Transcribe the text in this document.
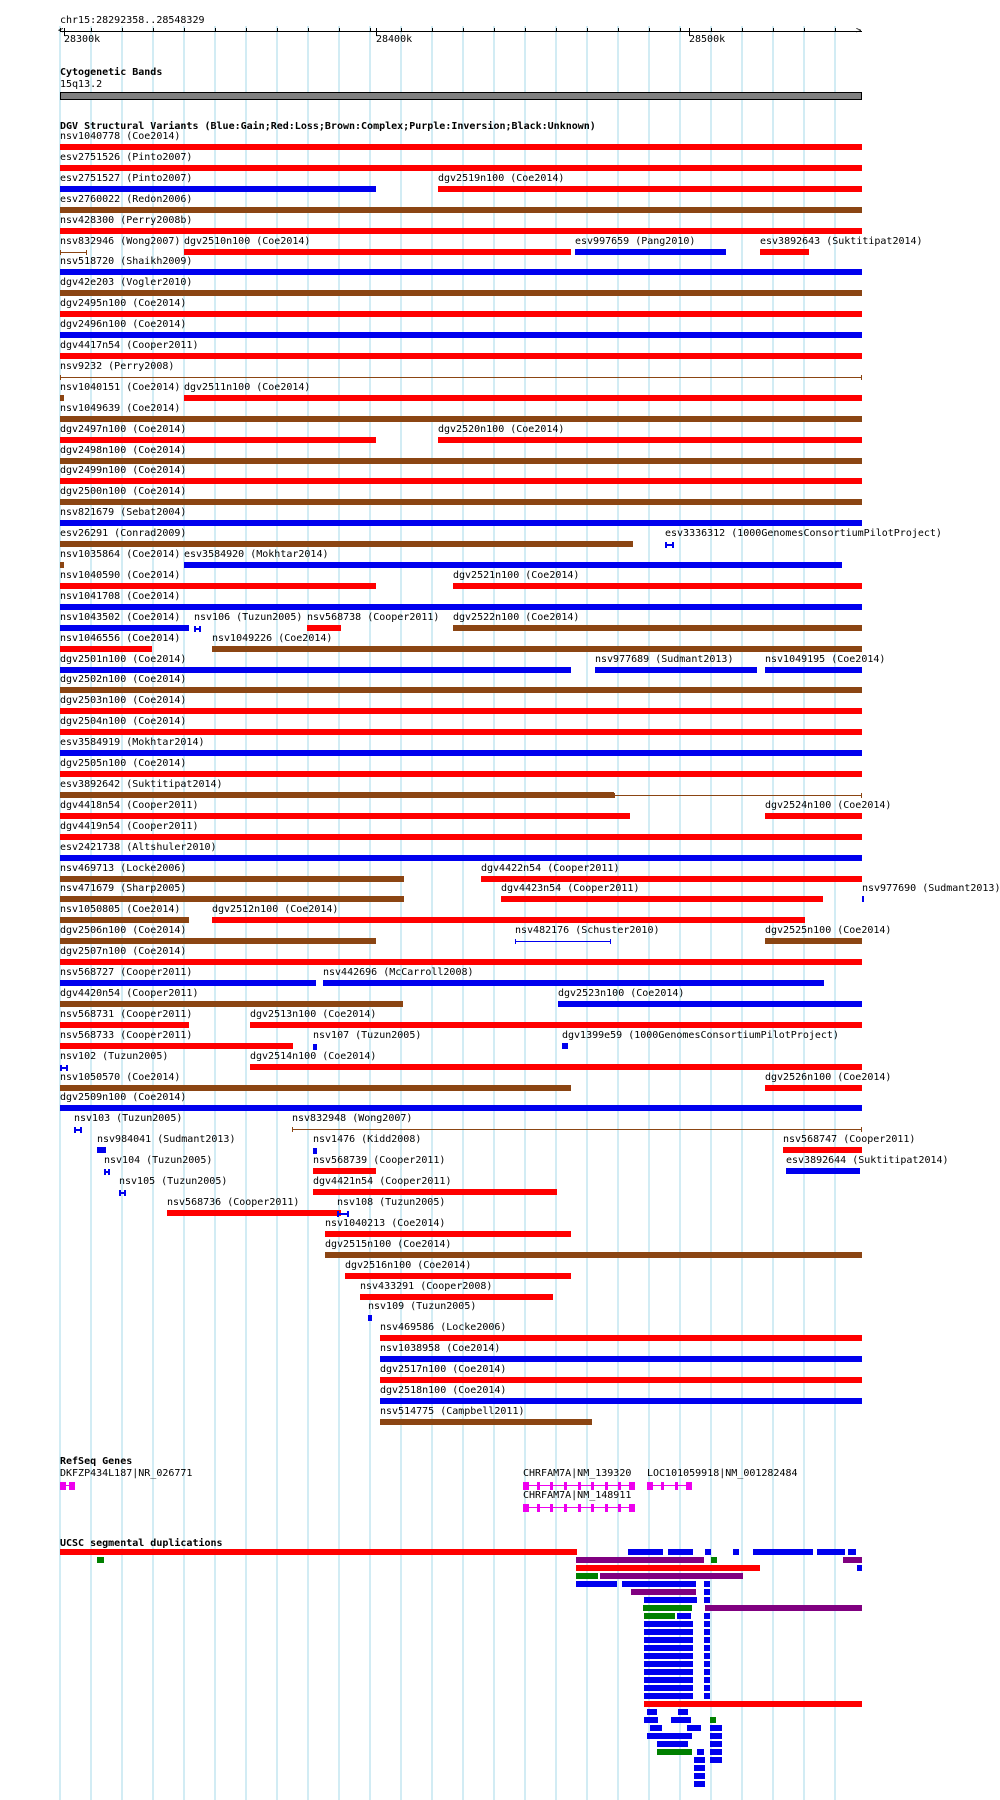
chr15:28292358..28548329
<	>
28300k	28400k	28500k
Cytogenetic Bands
15q13.2
DGV Structural Variants (Blue:Gain;Red:Loss;Brown:Complex;Purple:Inversion;Black:Unknown)
nsv1040778 (Coe2014)
esv2751526 (Pinto2007)
esv2751527 (Pinto2007)	dgv2519n100 (Coe2014)
esv2760022 (Redon2006)
nsv428300 (Perry2008b)
nsv832946 (Wong2007) dgv2510n100 (Coe2014)	esv997659 (Pang2010)	esv3892643 (Suktitipat2014)
nsv518720 (Shaikh2009)
dgv42e203 (Vogler2010)
dgv2495n100 (Coe2014)
dgv2496n100 (Coe2014)
dgv4417n54 (Cooper2011)
nsv9232 (Perry2008)
nsv1040151 (Coe2014) dgv2511n100 (Coe2014)
nsv1049639 (Coe2014)
dgv2497n100 (Coe2014)	dgv2520n100 (Coe2014)
dgv2498n100 (Coe2014)
dgv2499n100 (Coe2014)
dgv2500n100 (Coe2014)
nsv821679 (Sebat2004)
esv26291 (Conrad2009)	esv3336312 (1000GenomesConsortiumPilotProject)
nsv1035864 (Coe2014) esv3584920 (Mokhtar2014)
nsv1040590 (Coe2014)	dgv2521n100 (Coe2014)
nsv1041708 (Coe2014)
nsv1043502 (Coe2014) nsv106 (Tuzun2005) nsv568738 (Cooper2011) dgv2522n100 (Coe2014)
nsv1046556 (Coe2014)	nsv1049226 (Coe2014)
dgv2501n100 (Coe2014)	nsv977689 (Sudmant2013)	nsv1049195 (Coe2014)
dgv2502n100 (Coe2014)
dgv2503n100 (Coe2014)
dgv2504n100 (Coe2014)
esv3584919 (Mokhtar2014)
dgv2505n100 (Coe2014)
esv3892642 (Suktitipat2014)
dgv4418n54 (Cooper2011)	dgv2524n100 (Coe2014)
dgv4419n54 (Cooper2011)
esv2421738 (Altshuler2010)
nsv469713 (Locke2006)	dgv4422n54 (Cooper2011)
nsv471679 (Sharp2005)	dgv4423n54 (Cooper2011)	nsv977690 (Sudmant2013)
nsv1050805 (Coe2014)	dgv2512n100 (Coe2014)
dgv2506n100 (Coe2014)	nsv482176 (Schuster2010)	dgv2525n100 (Coe2014)
dgv2507n100 (Coe2014)
nsv568727 (Cooper2011)	nsv442696 (McCarroll2008)
dgv4420n54 (Cooper2011)	dgv2523n100 (Coe2014)
nsv568731 (Cooper2011)	dgv2513n100 (Coe2014)
nsv568733 (Cooper2011)	nsv107 (Tuzun2005)	dgv1399e59 (1000GenomesConsortiumPilotProject)
nsv102 (Tuzun2005)	dgv2514n100 (Coe2014)
nsv1050570 (Coe2014)	dgv2526n100 (Coe2014)
dgv2509n100 (Coe2014)
nsv103 (Tuzun2005)	nsv832948 (Wong2007)
nsv984041 (Sudmant2013)	nsv1476 (Kidd2008)	nsv568747 (Cooper2011)
nsv104 (Tuzun2005)	nsv568739 (Cooper2011)	esv3892644 (Suktitipat2014)
nsv105 (Tuzun2005)	dgv4421n54 (Cooper2011)
nsv568736 (Cooper2011)	nsv108 (Tuzun2005)
nsv1040213 (Coe2014)
dgv2515n100 (Coe2014)
dgv2516n100 (Coe2014)
nsv433291 (Cooper2008)
nsv109 (Tuzun2005)
nsv469586 (Locke2006)
nsv1038958 (Coe2014)
dgv2517n100 (Coe2014)
dgv2518n100 (Coe2014)
nsv514775 (Campbell2011)
RefSeq Genes
DKFZP434L187|NR_026771	CHRFAM7A|NM_139320 LOC101059918|NM_001282484
CHRFAM7A|NM_148911
UCSC segmental duplications
